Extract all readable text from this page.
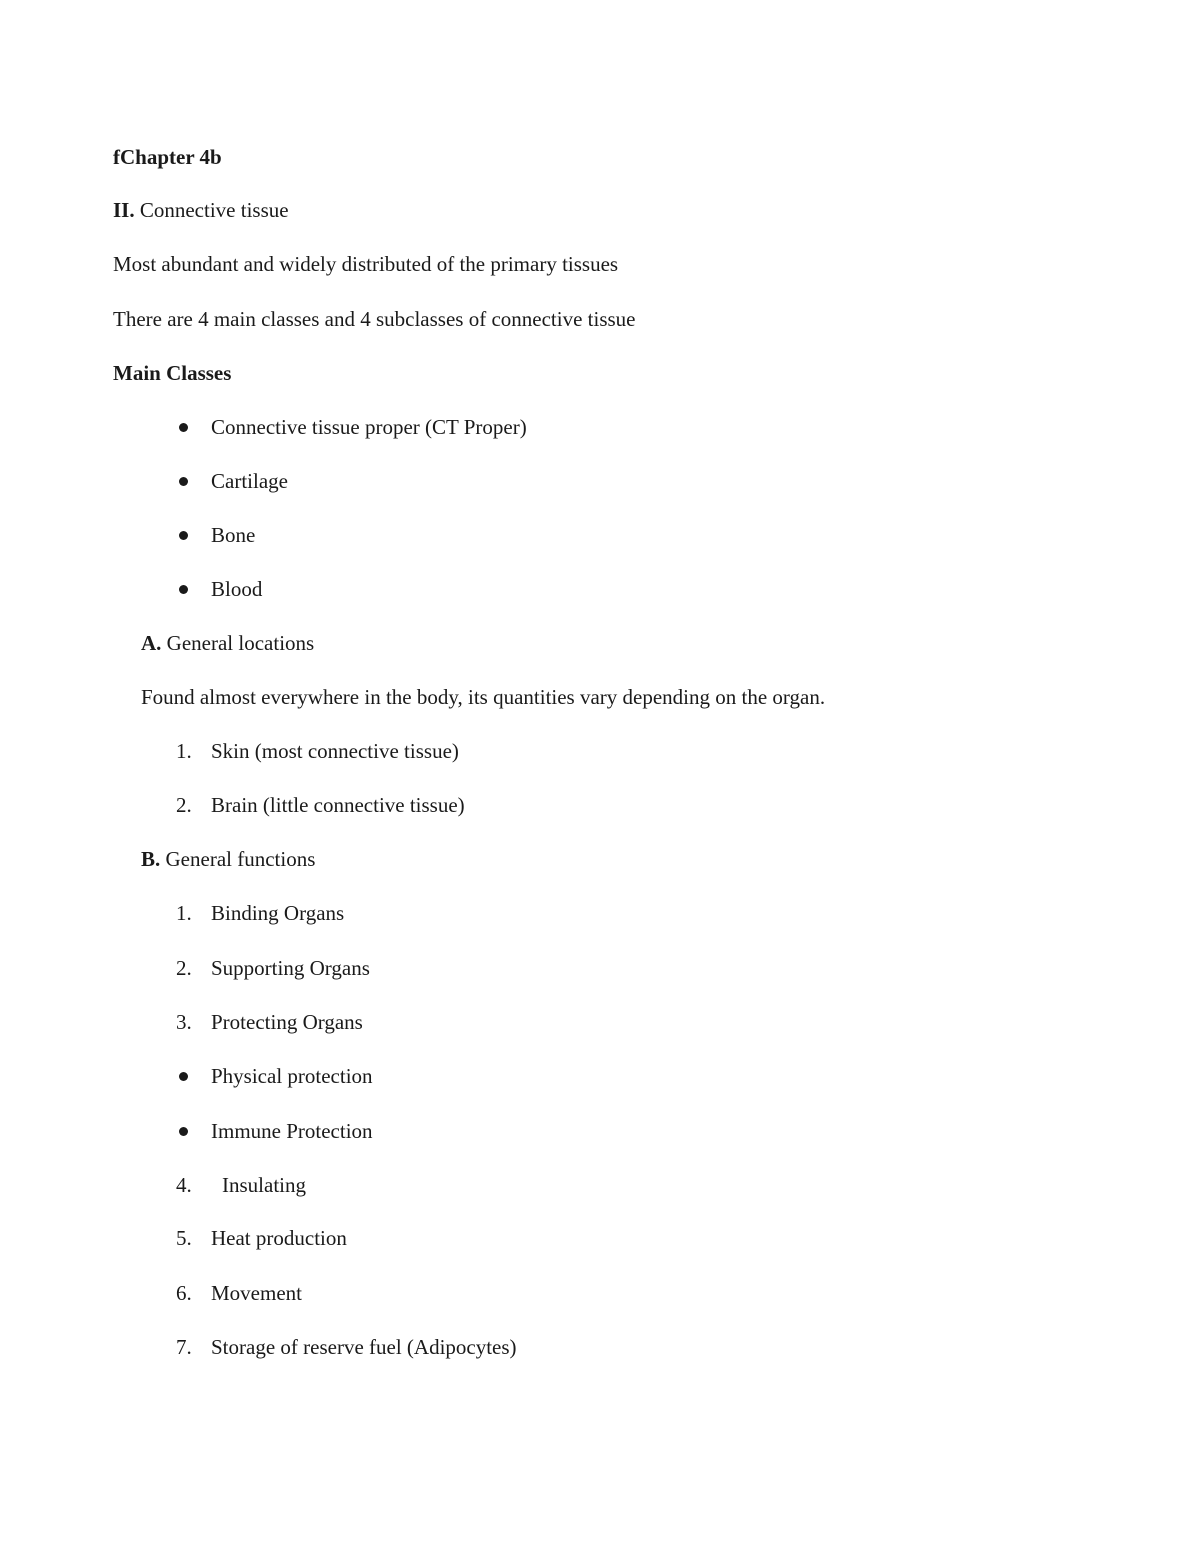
fChapter 4b
II. Connective tissue
Most abundant and widely distributed of the primary tissues
There are 4 main classes and 4 subclasses of connective tissue
Main Classes
Connective tissue proper (CT Proper)
Cartilage
Bone
Blood
A. General locations
Found almost everywhere in the body, its quantities vary depending on the organ.
1. Skin (most connective tissue)
2. Brain (little connective tissue)
B. General functions
1. Binding Organs
2. Supporting Organs
3. Protecting Organs
Physical protection
Immune Protection
4. Insulating
5. Heat production
6. Movement
7. Storage of reserve fuel (Adipocytes)
